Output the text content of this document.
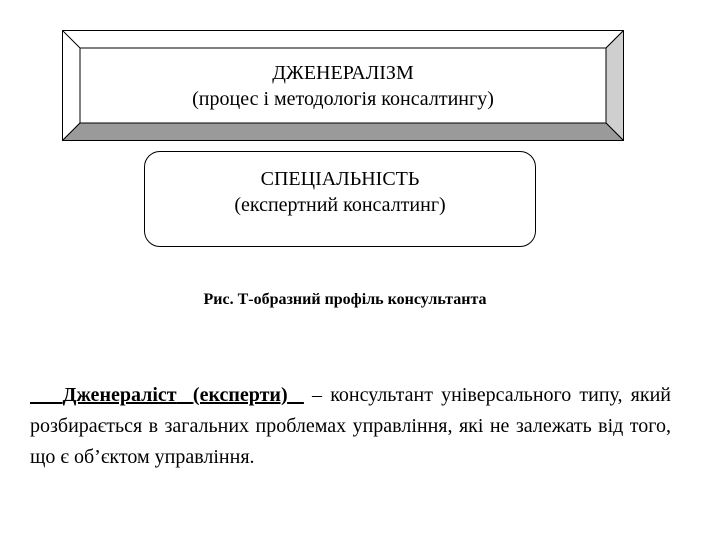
ДЖЕНЕРАЛІЗМ
(процес і методологія консалтингу)
СПЕЦІАЛЬНІСТЬ
(експертний консалтинг)
Рис. Т-образний профіль консультанта
Дженераліст (експерти) – консультант універсального типу, який розбирається в загальних проблемах управління, які не залежать від того, що є об’єктом управління.
